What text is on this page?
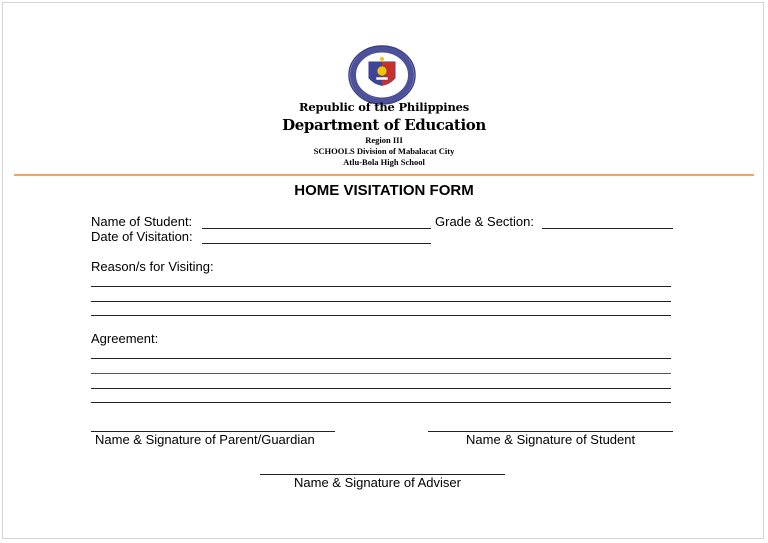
Republic of the Philippines
Department of Education
Region III
SCHOOLS Division of Mabalacat City
Atlu-Bola High School
HOME VISITATION FORM
Name of Student:	Grade & Section:
Date of Visitation:
Reason/s for Visiting:
Agreement:
Name & Signature of Parent/Guardian	Name & Signature of Student
Name & Signature of Adviser
